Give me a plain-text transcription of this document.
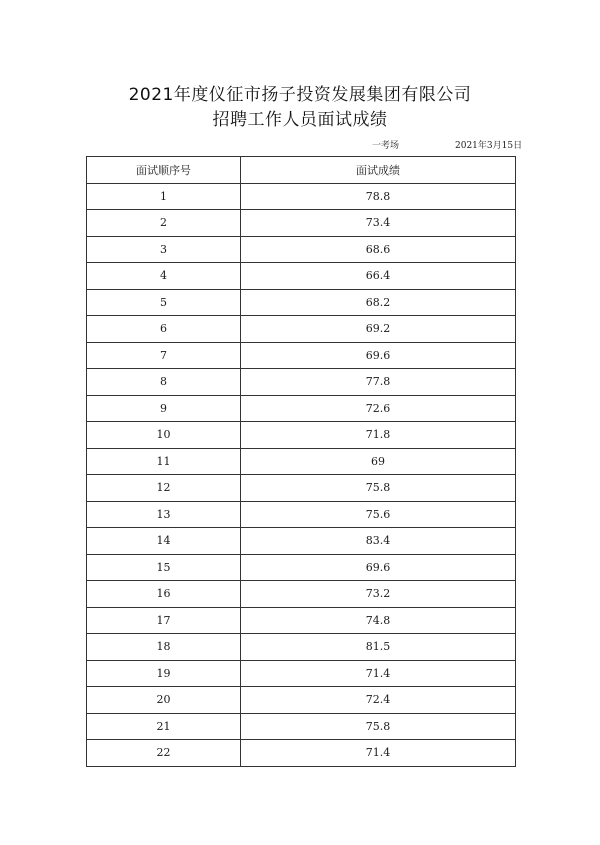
2021年度仪征市扬子投资发展集团有限公司
招聘工作人员面试成绩
一考场	2021年3月15日
面试顺序号	面试成绩
1	78.8
2	73.4
3	68.6
4	66.4
5	68.2
6	69.2
7	69.6
8	77.8
9	72.6
10	71.8
11	69
12	75.8
13	75.6
14	83.4
15	69.6
16	73.2
17	74.8
18	81.5
19	71.4
20	72.4
21	75.8
22	71.4
